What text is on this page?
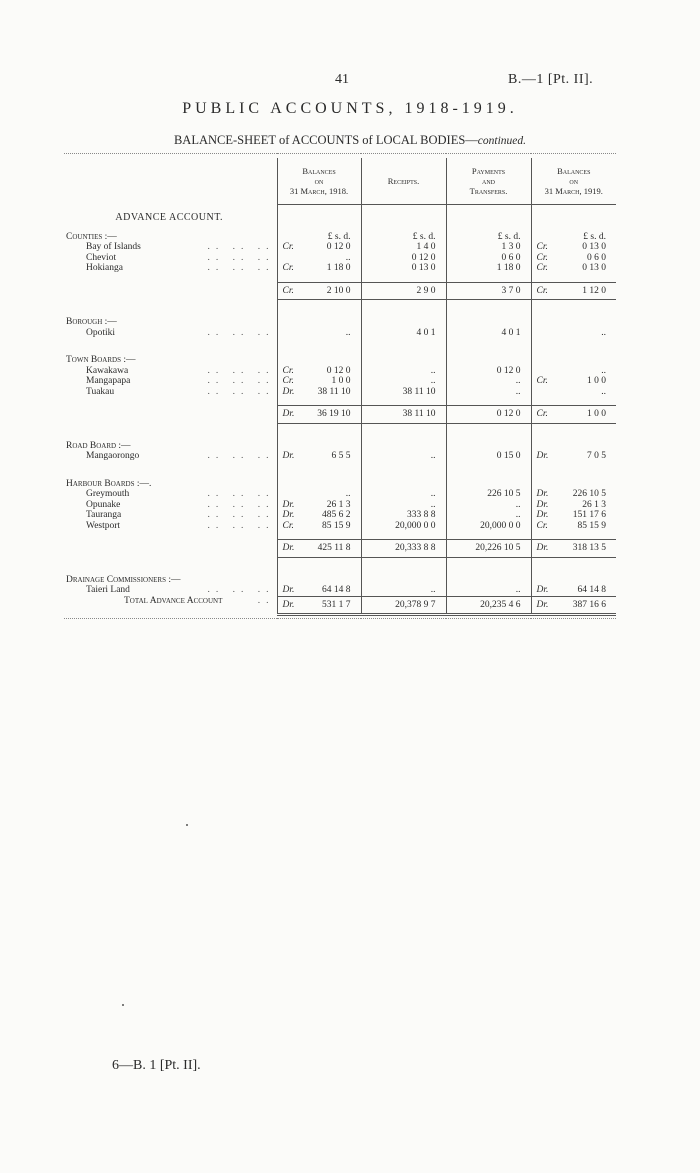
41	B.—1 [Pt. II].
PUBLIC ACCOUNTS, 1918-1919.
BALANCE-SHEET of ACCOUNTS of LOCAL BODIES—continued.

	Balances
on
31 March, 1918.	Receipts.	Payments
and
Transfers.	Balances
on
31 March, 1919.

ADVANCE ACCOUNT.				

Counties :—	£ s. d.	£ s. d.	£ s. d.	£ s. d.
Bay of Islands .. .. ..	Cr. 0 12 0	1 4 0	1 3 0	Cr. 0 13 0
Cheviot .. .. ..	..	0 12 0	0 6 0	Cr. 0 6 0
Hokianga .. .. ..	Cr. 1 18 0	0 13 0	1 18 0	Cr. 0 13 0

	Cr. 2 10 0	2 9 0	3 7 0	Cr. 1 12 0

Borough :—				
Opotiki .. .. ..	..	4 0 1	4 0 1	..

Town Boards :—				
Kawakawa .. .. ..	Cr. 0 12 0	..	0 12 0	..
Mangapapa .. .. ..	Cr. 1 0 0	..	..	Cr. 1 0 0
Tuakau .. .. ..	Dr. 38 11 10	38 11 10	..	..

	Dr. 36 19 10	38 11 10	0 12 0	Cr. 1 0 0

Road Board :—				
Mangaorongo .. .. ..	Dr. 6 5 5	..	0 15 0	Dr. 7 0 5

Harbour Boards :—.				
Greymouth .. .. ..	..	..	226 10 5	Dr. 226 10 5
Opunake .. .. ..	Dr. 26 1 3	..	..	Dr. 26 1 3
Tauranga .. .. ..	Dr. 485 6 2	333 8 8	..	Dr. 151 17 6
Westport .. .. ..	Cr. 85 15 9	20,000 0 0	20,000 0 0	Cr. 85 15 9

	Dr. 425 11 8	20,333 8 8	20,226 10 5	Dr. 318 13 5

Drainage Commissioners :—				
Taieri Land .. .. ..	Dr. 64 14 8	..	..	Dr. 64 14 8
Total Advance Account ..	Dr. 531 1 7	20,378 9 7	20,235 4 6	Dr. 387 16 6

6—B. 1 [Pt. II].
